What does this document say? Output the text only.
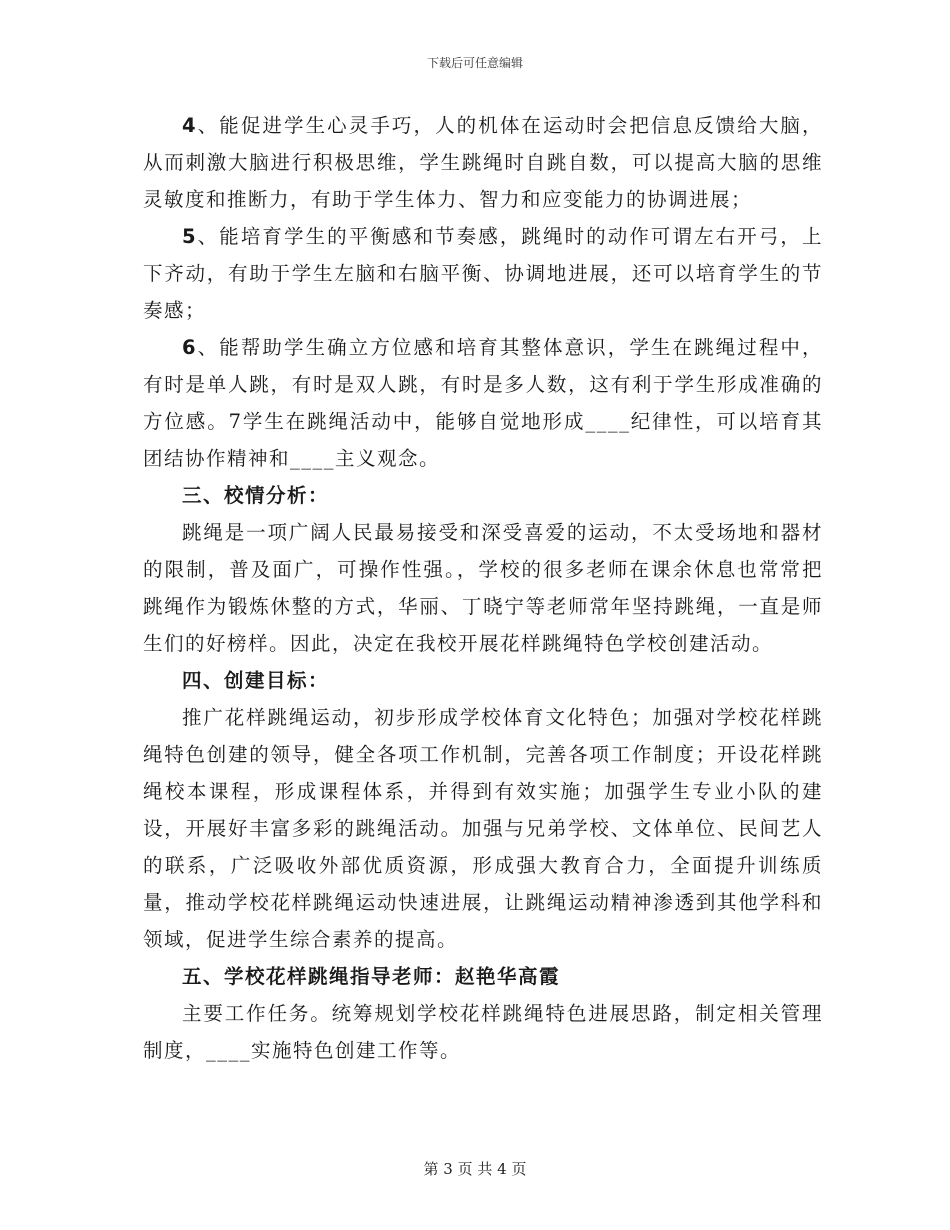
下载后可任意编辑

4、能促进学生心灵手巧，人的机体在运动时会把信息反馈给大脑，从而刺激大脑进行积极思维，学生跳绳时自跳自数，可以提高大脑的思维灵敏度和推断力，有助于学生体力、智力和应变能力的协调进展；

5、能培育学生的平衡感和节奏感，跳绳时的动作可谓左右开弓，上下齐动，有助于学生左脑和右脑平衡、协调地进展，还可以培育学生的节奏感；

6、能帮助学生确立方位感和培育其整体意识，学生在跳绳过程中，有时是单人跳，有时是双人跳，有时是多人数，这有利于学生形成准确的方位感。7学生在跳绳活动中，能够自觉地形成____纪律性，可以培育其团结协作精神和____主义观念。

三、校情分析：

跳绳是一项广阔人民最易接受和深受喜爱的运动，不太受场地和器材的限制，普及面广，可操作性强。，学校的很多老师在课余休息也常常把跳绳作为锻炼休整的方式，华丽、丁晓宁等老师常年坚持跳绳，一直是师生们的好榜样。因此，决定在我校开展花样跳绳特色学校创建活动。

四、创建目标：

推广花样跳绳运动，初步形成学校体育文化特色；加强对学校花样跳绳特色创建的领导，健全各项工作机制，完善各项工作制度；开设花样跳绳校本课程，形成课程体系，并得到有效实施；加强学生专业小队的建设，开展好丰富多彩的跳绳活动。加强与兄弟学校、文体单位、民间艺人的联系，广泛吸收外部优质资源，形成强大教育合力，全面提升训练质量，推动学校花样跳绳运动快速进展，让跳绳运动精神渗透到其他学科和领域，促进学生综合素养的提高。

五、学校花样跳绳指导老师：赵艳华高霞

主要工作任务。统筹规划学校花样跳绳特色进展思路，制定相关管理制度，____实施特色创建工作等。

第 3 页 共 4 页
